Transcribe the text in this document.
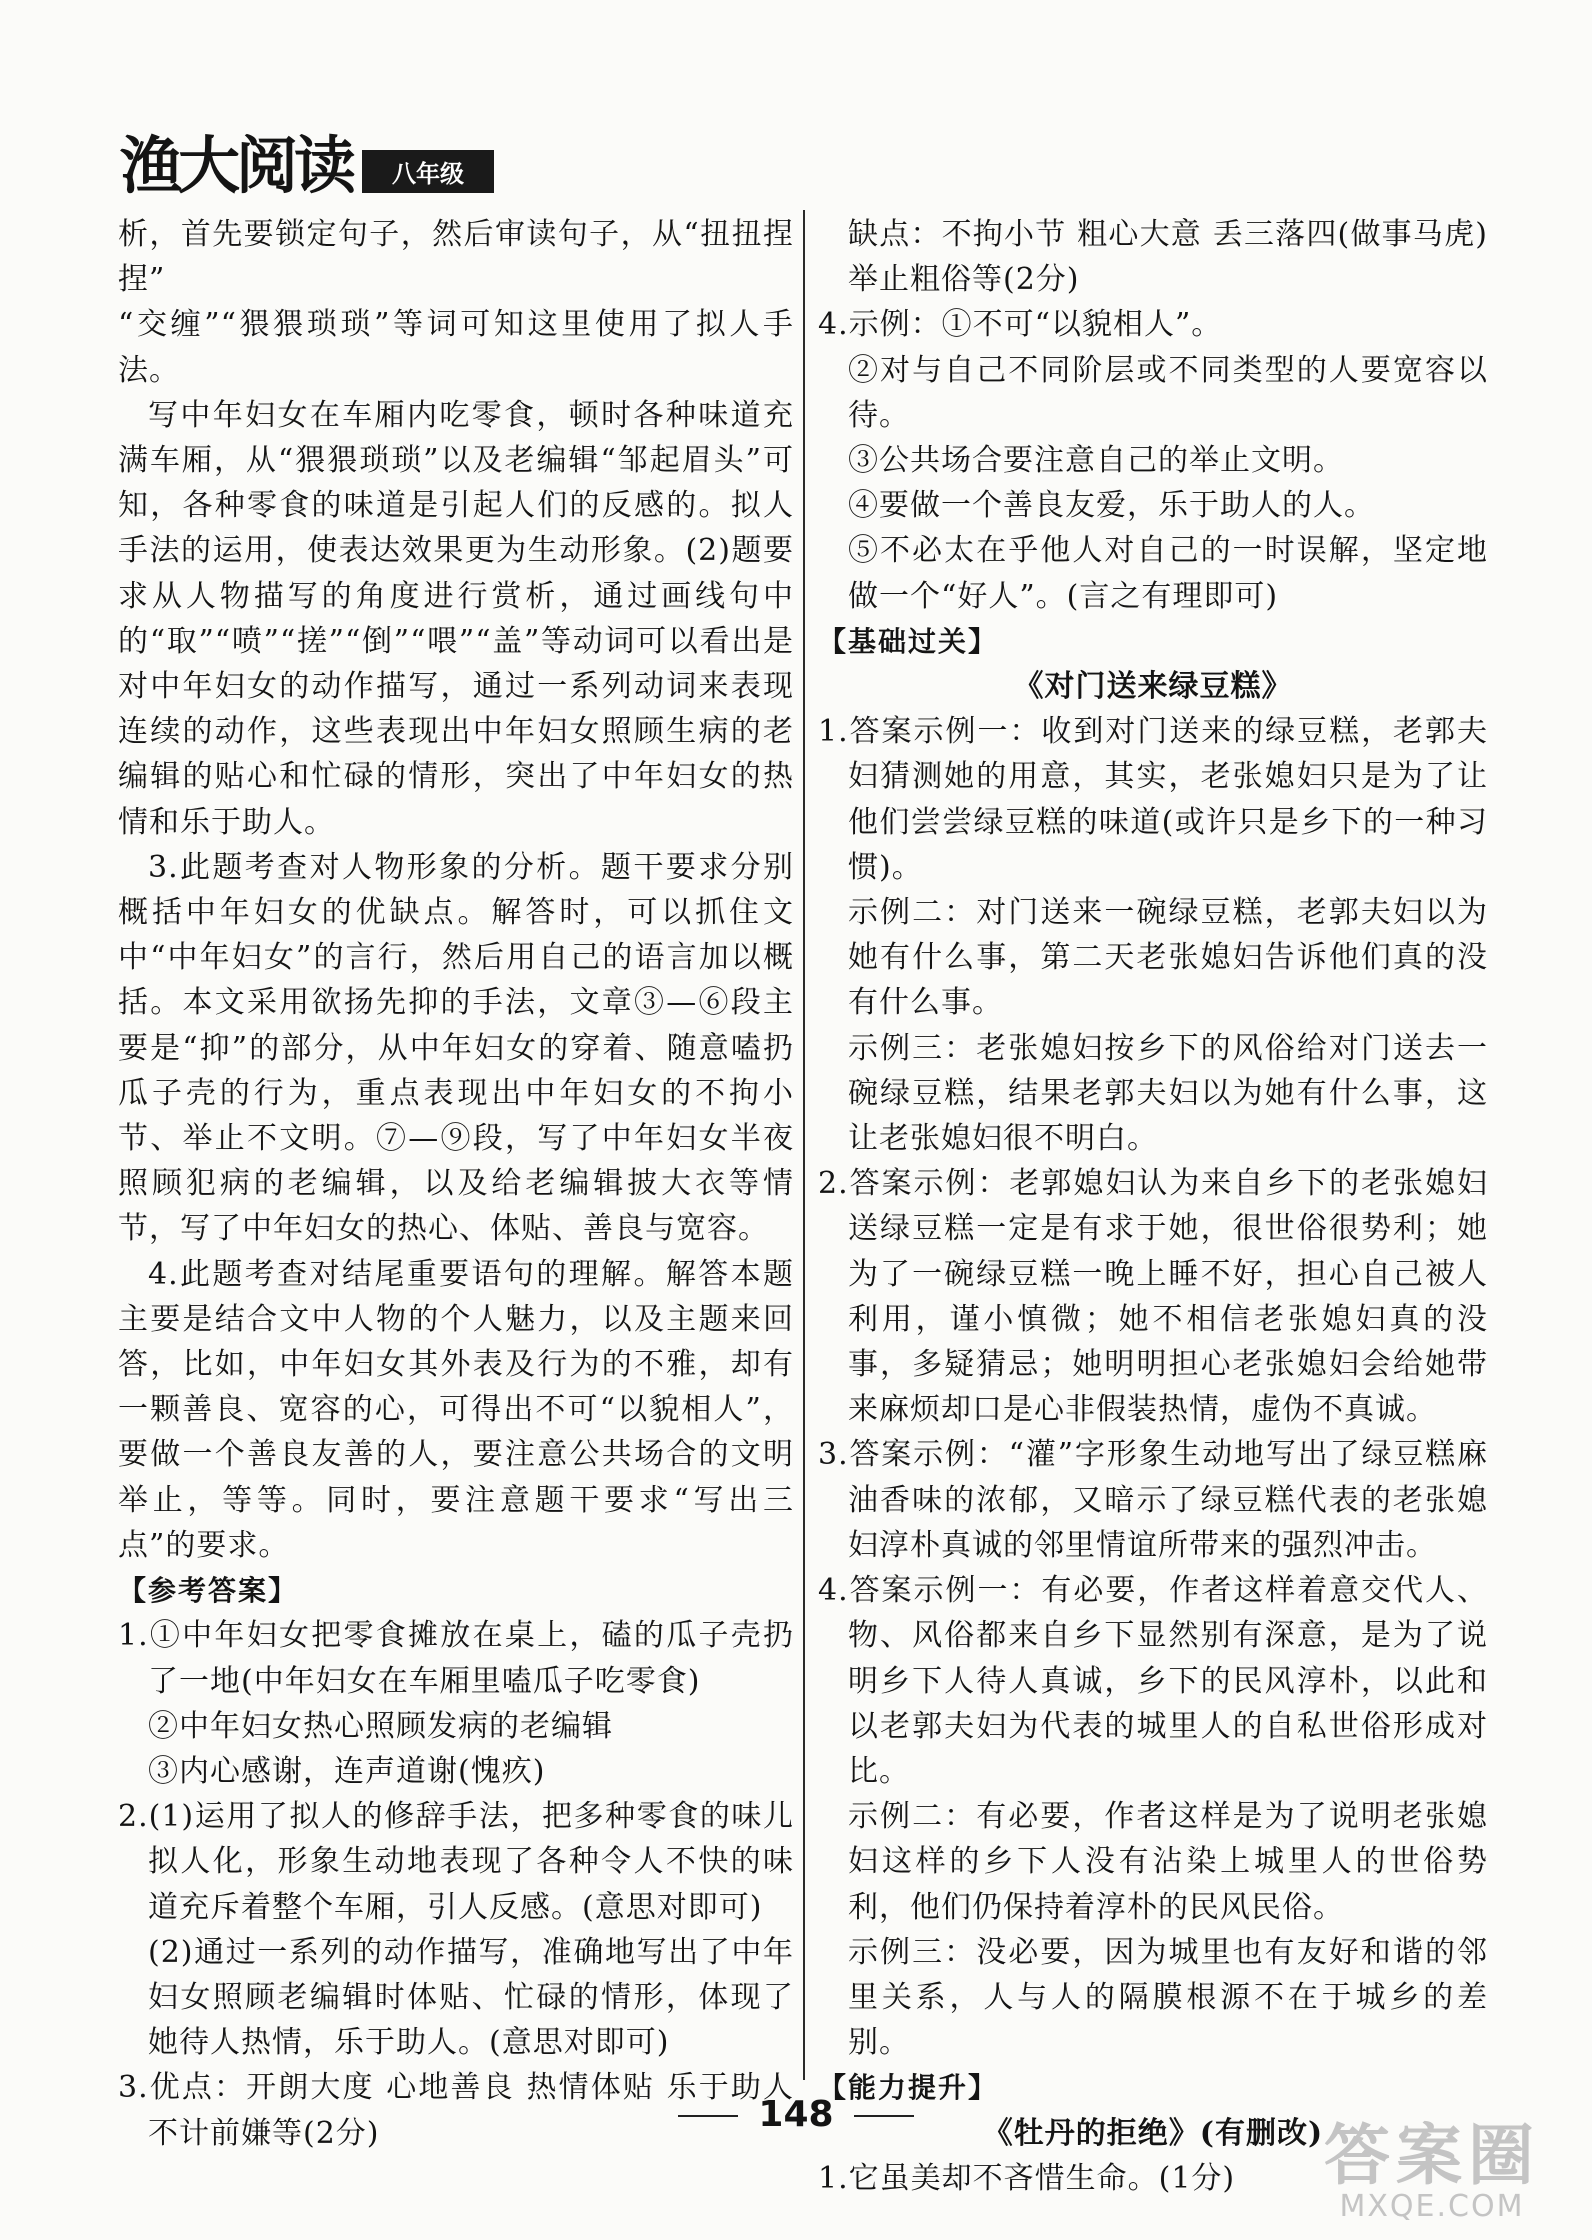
渔大阅读	八年级

析，首先要锁定句子，然后审读句子，从“扭扭捏捏”

“交缠”“猥猥琐琐”等词可知这里使用了拟人手法。

写中年妇女在车厢内吃零食，顿时各种味道充满车厢，从“猥猥琐琐”以及老编辑“邹起眉头”可知，各种零食的味道是引起人们的反感的。拟人手法的运用，使表达效果更为生动形象。(2)题要求从人物描写的角度进行赏析，通过画线句中的“取”“喷”“搓”“倒”“喂”“盖”等动词可以看出是对中年妇女的动作描写，通过一系列动词来表现连续的动作，这些表现出中年妇女照顾生病的老编辑的贴心和忙碌的情形，突出了中年妇女的热情和乐于助人。

3.此题考查对人物形象的分析。题干要求分别概括中年妇女的优缺点。解答时，可以抓住文中“中年妇女”的言行，然后用自己的语言加以概括。本文采用欲扬先抑的手法，文章③—⑥段主要是“抑”的部分，从中年妇女的穿着、随意嗑扔瓜子壳的行为，重点表现出中年妇女的不拘小节、举止不文明。⑦—⑨段，写了中年妇女半夜照顾犯病的老编辑，以及给老编辑披大衣等情节，写了中年妇女的热心、体贴、善良与宽容。

4.此题考查对结尾重要语句的理解。解答本题主要是结合文中人物的个人魅力，以及主题来回答，比如，中年妇女其外表及行为的不雅，却有一颗善良、宽容的心，可得出不可“以貌相人”，要做一个善良友善的人，要注意公共场合的文明举止，等等。同时，要注意题干要求“写出三点”的要求。

【参考答案】

1.①中年妇女把零食摊放在桌上，磕的瓜子壳扔了一地(中年妇女在车厢里嗑瓜子吃零食)

②中年妇女热心照顾发病的老编辑

③内心感谢，连声道谢(愧疚)

2.(1)运用了拟人的修辞手法，把多种零食的味儿拟人化，形象生动地表现了各种令人不快的味道充斥着整个车厢，引人反感。(意思对即可)

(2)通过一系列的动作描写，准确地写出了中年妇女照顾老编辑时体贴、忙碌的情形，体现了她待人热情，乐于助人。(意思对即可)

3.优点：开朗大度 心地善良 热情体贴 乐于助人 不计前嫌等(2分)

缺点：不拘小节 粗心大意 丢三落四(做事马虎) 举止粗俗等(2分)

4.示例：①不可“以貌相人”。

②对与自己不同阶层或不同类型的人要宽容以待。

③公共场合要注意自己的举止文明。

④要做一个善良友爱，乐于助人的人。

⑤不必太在乎他人对自己的一时误解，坚定地做一个“好人”。(言之有理即可)

【基础过关】
《对门送来绿豆糕》

1.答案示例一：收到对门送来的绿豆糕，老郭夫妇猜测她的用意，其实，老张媳妇只是为了让他们尝尝绿豆糕的味道(或许只是乡下的一种习惯)。

示例二：对门送来一碗绿豆糕，老郭夫妇以为她有什么事，第二天老张媳妇告诉他们真的没有什么事。

示例三：老张媳妇按乡下的风俗给对门送去一碗绿豆糕，结果老郭夫妇以为她有什么事，这让老张媳妇很不明白。

2.答案示例：老郭媳妇认为来自乡下的老张媳妇送绿豆糕一定是有求于她，很世俗很势利；她为了一碗绿豆糕一晚上睡不好，担心自己被人利用，谨小慎微；她不相信老张媳妇真的没事，多疑猜忌；她明明担心老张媳妇会给她带来麻烦却口是心非假装热情，虚伪不真诚。

3.答案示例：“灌”字形象生动地写出了绿豆糕麻油香味的浓郁，又暗示了绿豆糕代表的老张媳妇淳朴真诚的邻里情谊所带来的强烈冲击。

4.答案示例一：有必要，作者这样着意交代人、物、风俗都来自乡下显然别有深意，是为了说明乡下人待人真诚，乡下的民风淳朴，以此和以老郭夫妇为代表的城里人的自私世俗形成对比。

示例二：有必要，作者这样是为了说明老张媳妇这样的乡下人没有沾染上城里人的世俗势利，他们仍保持着淳朴的民风民俗。

示例三：没必要，因为城里也有友好和谐的邻里关系，人与人的隔膜根源不在于城乡的差别。

【能力提升】
《牡丹的拒绝》(有删改)

1.它虽美却不吝惜生命。(1分)

148
答案圈
MXQE.COM
